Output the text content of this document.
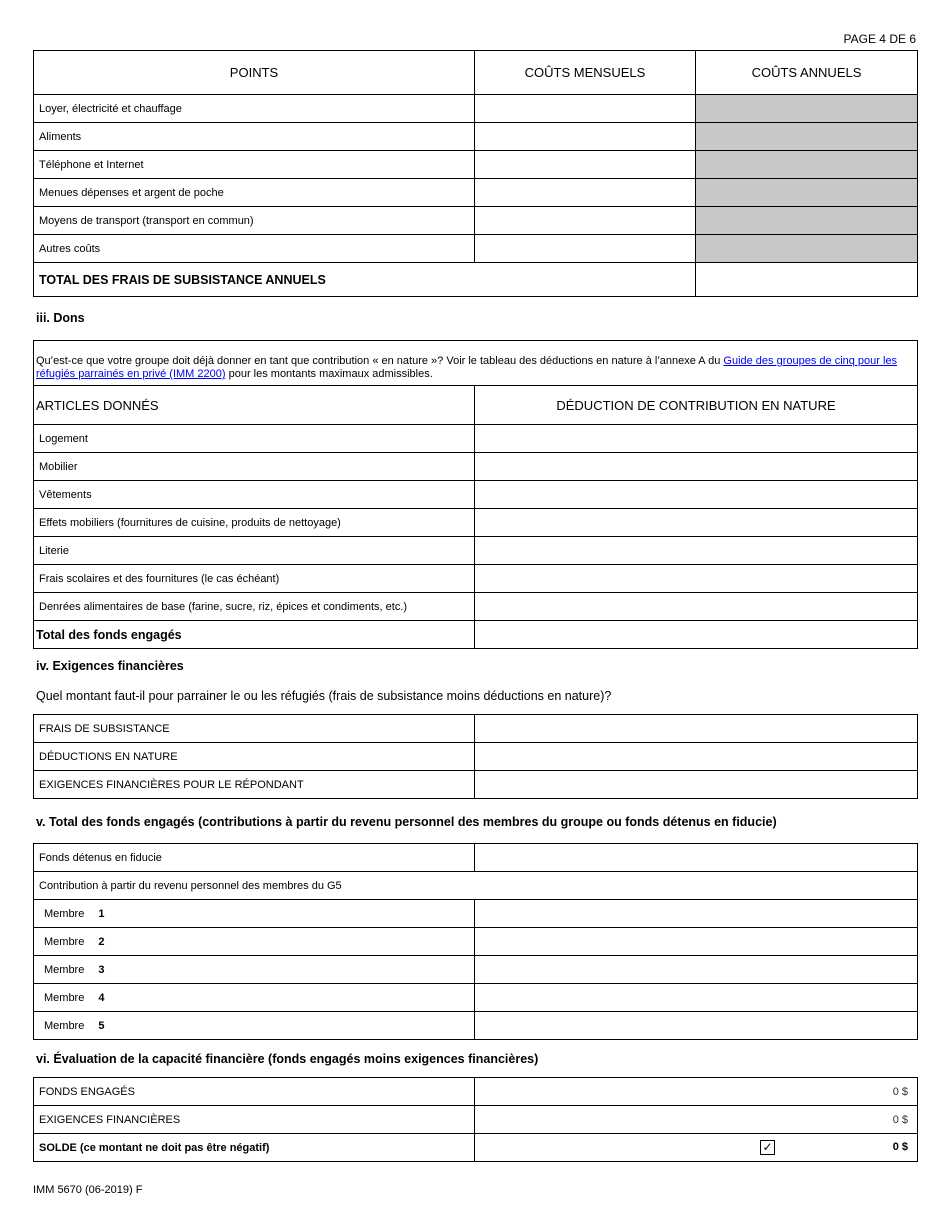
PAGE 4 DE 6
POINTS	COÛTS MENSUELS	COÛTS ANNUELS
Loyer, électricité et chauffage		
Aliments		
Téléphone et Internet		
Menues dépenses et argent de poche		
Moyens de transport (transport en commun)		
Autres coûts		
TOTAL DES FRAIS DE SUBSISTANCE ANNUELS		
iii. Dons
Qu’est-ce que votre groupe doit déjà donner en tant que contribution « en nature »? Voir le tableau des déductions en nature à l’annexe A du Guide des groupes de cinq pour les réfugiés parrainés en privé (IMM 2200) pour les montants maximaux admissibles.	
ARTICLES DONNÉS	DÉDUCTION DE CONTRIBUTION EN NATURE
Logement	
Mobilier	
Vêtements	
Effets mobiliers (fournitures de cuisine, produits de nettoyage)	
Literie	
Frais scolaires et des fournitures (le cas échéant)	
Denrées alimentaires de base (farine, sucre, riz, épices et condiments, etc.)	
Total des fonds engagés	
iv. Exigences financières
Quel montant faut-il pour parrainer le ou les réfugiés (frais de subsistance moins déductions en nature)?
FRAIS DE SUBSISTANCE	
DÉDUCTIONS EN NATURE	
EXIGENCES FINANCIÈRES POUR LE RÉPONDANT	
v. Total des fonds engagés (contributions à partir du revenu personnel des membres du groupe ou fonds détenus en fiducie)
Fonds détenus en fiducie	
Contribution à partir du revenu personnel des membres du G5	
Membre 1	
Membre 2	
Membre 3	
Membre 4	
Membre 5	
vi. Évaluation de la capacité financière (fonds engagés moins exigences financières)
FONDS ENGAGÉS	0 $
EXIGENCES FINANCIÈRES	0 $
SOLDE (ce montant ne doit pas être négatif)	✓ 0 $
IMM 5670 (06-2019) F
